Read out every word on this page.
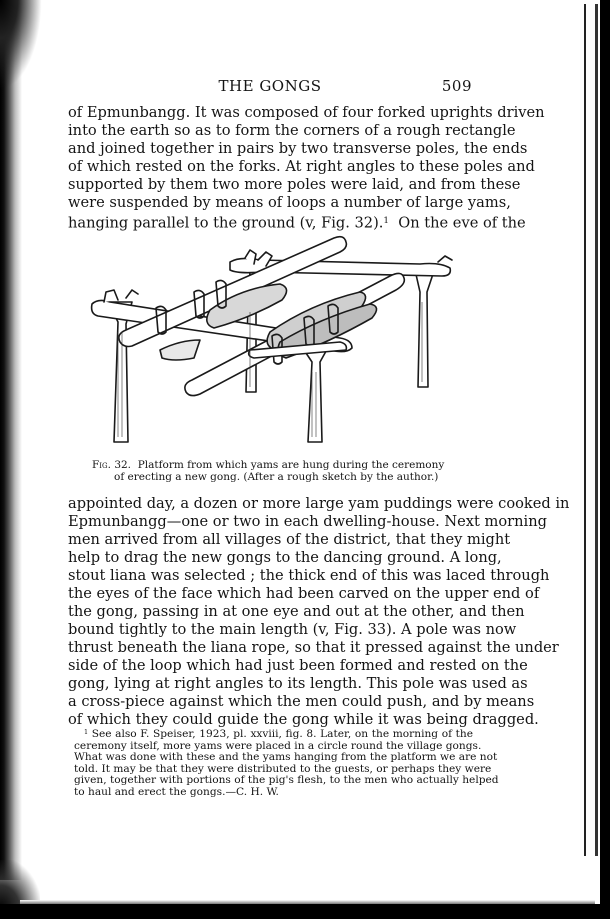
THE GONGS	509
of Epmunbangg. It was composed of four forked uprights driven
into the earth so as to form the corners of a rough rectangle
and joined together in pairs by two transverse poles, the ends
of which rested on the forks. At right angles to these poles and
supported by them two more poles were laid, and from these
were suspended by means of loops a number of large yams,
hanging parallel to the ground (v, Fig. 32).$^1$ On the eve of the
Fig. 32. Platform from which yams are hung during the ceremony
of erecting a new gong. (After a rough sketch by the author.)
appointed day, a dozen or more large yam puddings were cooked in
Epmunbangg—one or two in each dwelling-house. Next morning
men arrived from all villages of the district, that they might
help to drag the new gongs to the dancing ground. A long,
stout liana was selected ; the thick end of this was laced through
the eyes of the face which had been carved on the upper end of
the gong, passing in at one eye and out at the other, and then
bound tightly to the main length (v, Fig. 33). A pole was now
thrust beneath the liana rope, so that it pressed against the under
side of the loop which had just been formed and rested on the
gong, lying at right angles to its length. This pole was used as
a cross-piece against which the men could push, and by means
of which they could guide the gong while it was being dragged.
$^1$ See also F. Speiser, 1923, pl. xxviii, fig. 8. Later, on the morning of the
ceremony itself, more yams were placed in a circle round the village gongs.
What was done with these and the yams hanging from the platform we are not
told. It may be that they were distributed to the guests, or perhaps they were
given, together with portions of the pig's flesh, to the men who actually helped
to haul and erect the gongs.—C. H. W.
